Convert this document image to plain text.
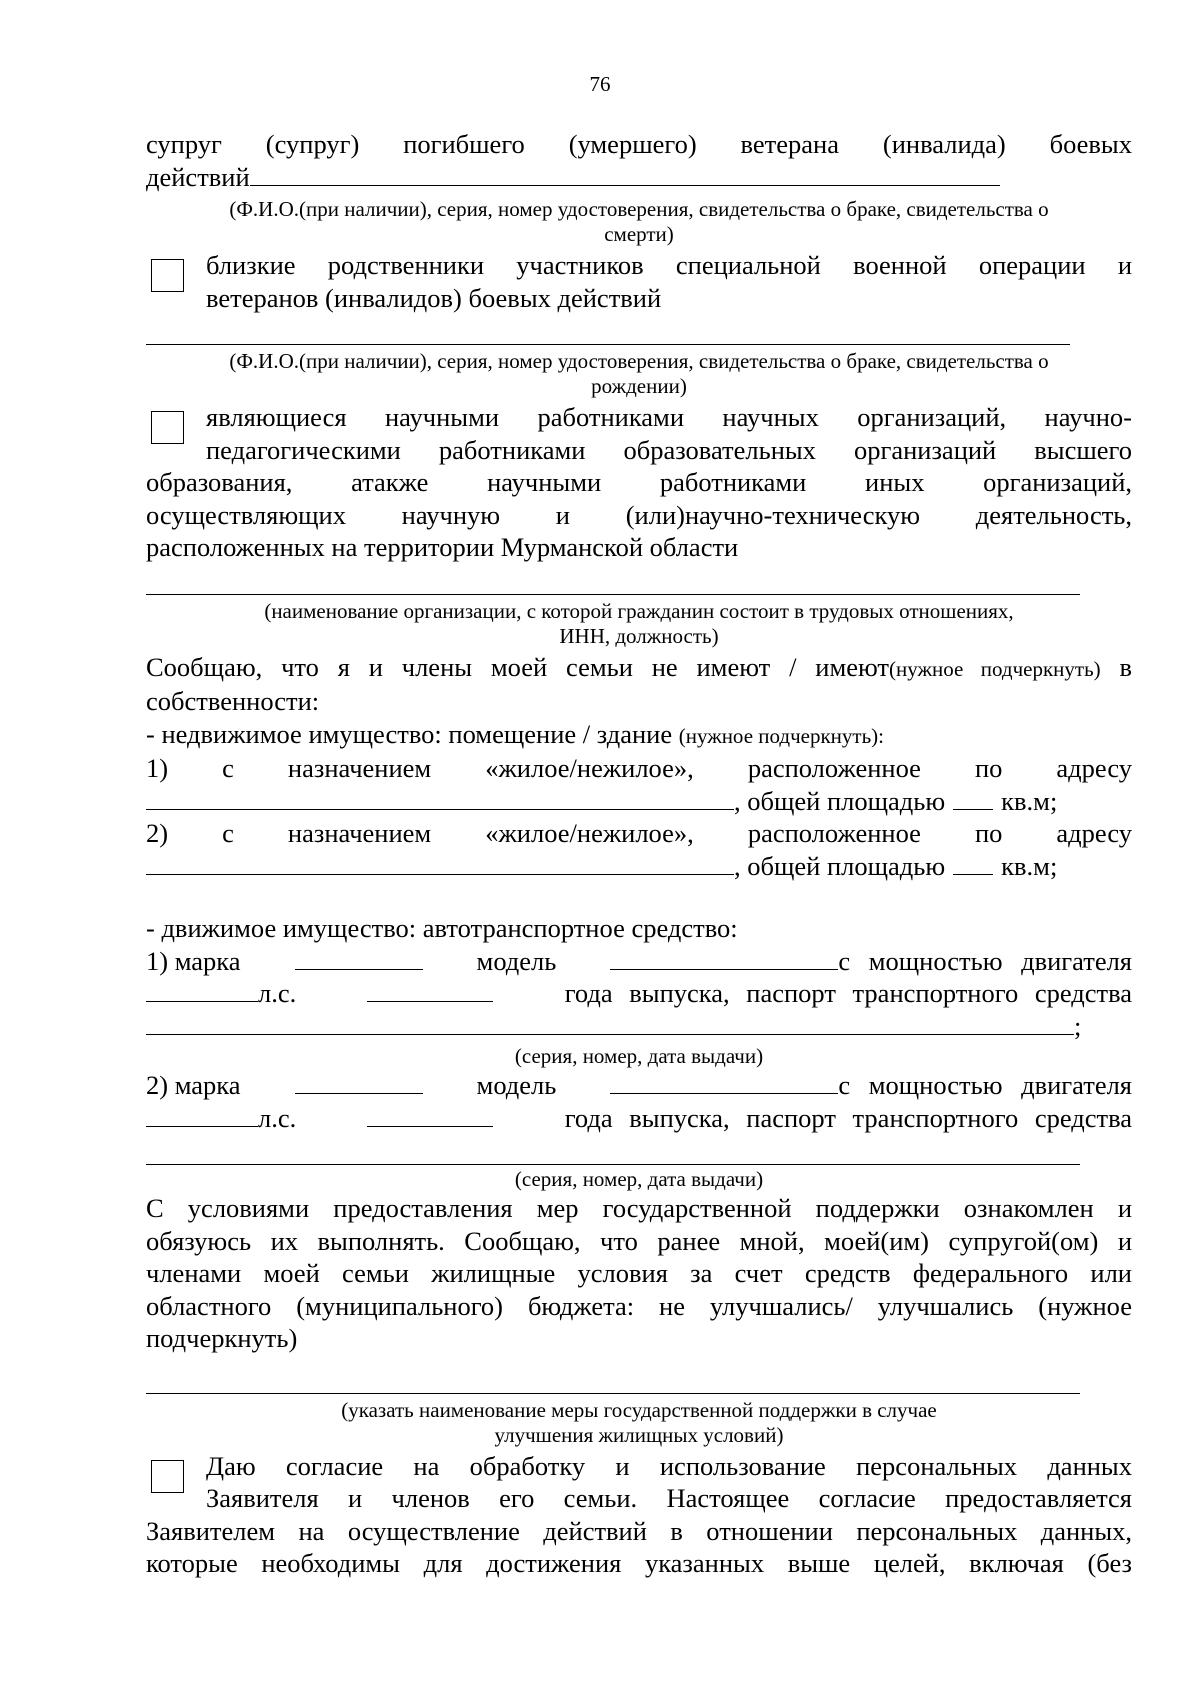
76
супруг (супруг) погибшего (умершего) ветерана (инвалида) боевых
действий
(Ф.И.О.(при наличии), серия, номер удостоверения, свидетельства о браке, свидетельства о
смерти)
близкие родственники участников специальной военной операции и
ветеранов (инвалидов) боевых действий
(Ф.И.О.(при наличии), серия, номер удостоверения, свидетельства о браке, свидетельства о
рождении)
являющиеся научными работниками научных организаций, научно-
педагогическими работниками образовательных организаций высшего
образования, атакже научными работниками иных организаций,
осуществляющих научную и (или)научно-техническую деятельность,
расположенных на территории Мурманской области
(наименование организации, с которой гражданин состоит в трудовых отношениях,
ИНН, должность)
Сообщаю, что я и члены моей семьи не имеют / имеют(нужное подчеркнуть) в
собственности:
- недвижимое имущество: помещение / здание (нужное подчеркнуть):
1) с назначением «жилое/нежилое», расположенное по адресу
, общей площадью кв.м;
2) с назначением «жилое/нежилое», расположенное по адресу
, общей площадью кв.м;
- движимое имущество: автотранспортное средство:
1) марка	модель	с мощностью двигателя
л.с.	года выпуска, паспорт транспортного средства
;
(серия, номер, дата выдачи)
2) марка	модель	с мощностью двигателя
л.с.	года выпуска, паспорт транспортного средства
(серия, номер, дата выдачи)
С условиями предоставления мер государственной поддержки ознакомлен и
обязуюсь их выполнять. Сообщаю, что ранее мной, моей(им) супругой(ом) и
членами моей семьи жилищные условия за счет средств федерального или
областного (муниципального) бюджета: не улучшались/ улучшались (нужное
подчеркнуть)
(указать наименование меры государственной поддержки в случае
улучшения жилищных условий)
Даю согласие на обработку и использование персональных данных
Заявителя и членов его семьи. Настоящее согласие предоставляется
Заявителем на осуществление действий в отношении персональных данных,
которые необходимы для достижения указанных выше целей, включая (без
